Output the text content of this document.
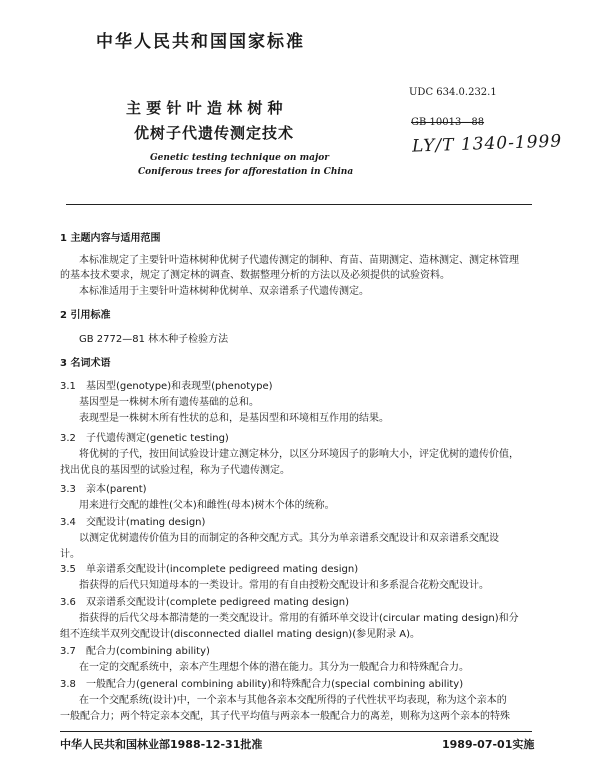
中华人民共和国国家标准
主 要 针 叶 造 林 树 种
优树子代遗传测定技术
Genetic testing technique on major
Coniferous trees for afforestation in China
UDC 634.0.232.1
GB 10013—88
LY/T 1340-1999
1 主题内容与适用范围
本标准规定了主要针叶造林树种优树子代遗传测定的制种、育苗、苗期测定、造林测定、测定林管理
的基本技术要求，规定了测定林的调查、数据整理分析的方法以及必须提供的试验资料。
本标准适用于主要针叶造林树种优树单、双亲谱系子代遗传测定。
2 引用标准
GB 2772—81 林木种子检验方法
3 名词术语
3.1 基因型(genotype)和表现型(phenotype)
基因型是一株树木所有遗传基础的总和。
表现型是一株树木所有性状的总和，是基因型和环境相互作用的结果。
3.2 子代遗传测定(genetic testing)
将优树的子代，按田间试验设计建立测定林分，以区分环境因子的影响大小，评定优树的遗传价值，
找出优良的基因型的试验过程，称为子代遗传测定。
3.3 亲本(parent)
用来进行交配的雄性(父本)和雌性(母本)树木个体的统称。
3.4 交配设计(mating design)
以测定优树遗传价值为目的而制定的各种交配方式。其分为单亲谱系交配设计和双亲谱系交配设
计。
3.5 单亲谱系交配设计(incomplete pedigreed mating design)
指获得的后代只知道母本的一类设计。常用的有自由授粉交配设计和多系混合花粉交配设计。
3.6 双亲谱系交配设计(complete pedigreed mating design)
指获得的后代父母本都清楚的一类交配设计。常用的有循环单交设计(circular mating design)和分
组不连续半双列交配设计(disconnected diallel mating design)(参见附录 A)。
3.7 配合力(combining ability)
在一定的交配系统中，亲本产生理想个体的潜在能力。其分为一般配合力和特殊配合力。
3.8 一般配合力(general combining ability)和特殊配合力(special combining ability)
在一个交配系统(设计)中，一个亲本与其他各亲本交配所得的子代性状平均表现，称为这个亲本的
一般配合力；两个特定亲本交配，其子代平均值与两亲本一般配合力的离差，则称为这两个亲本的特殊
中华人民共和国林业部1988-12-31批准	1989-07-01实施
